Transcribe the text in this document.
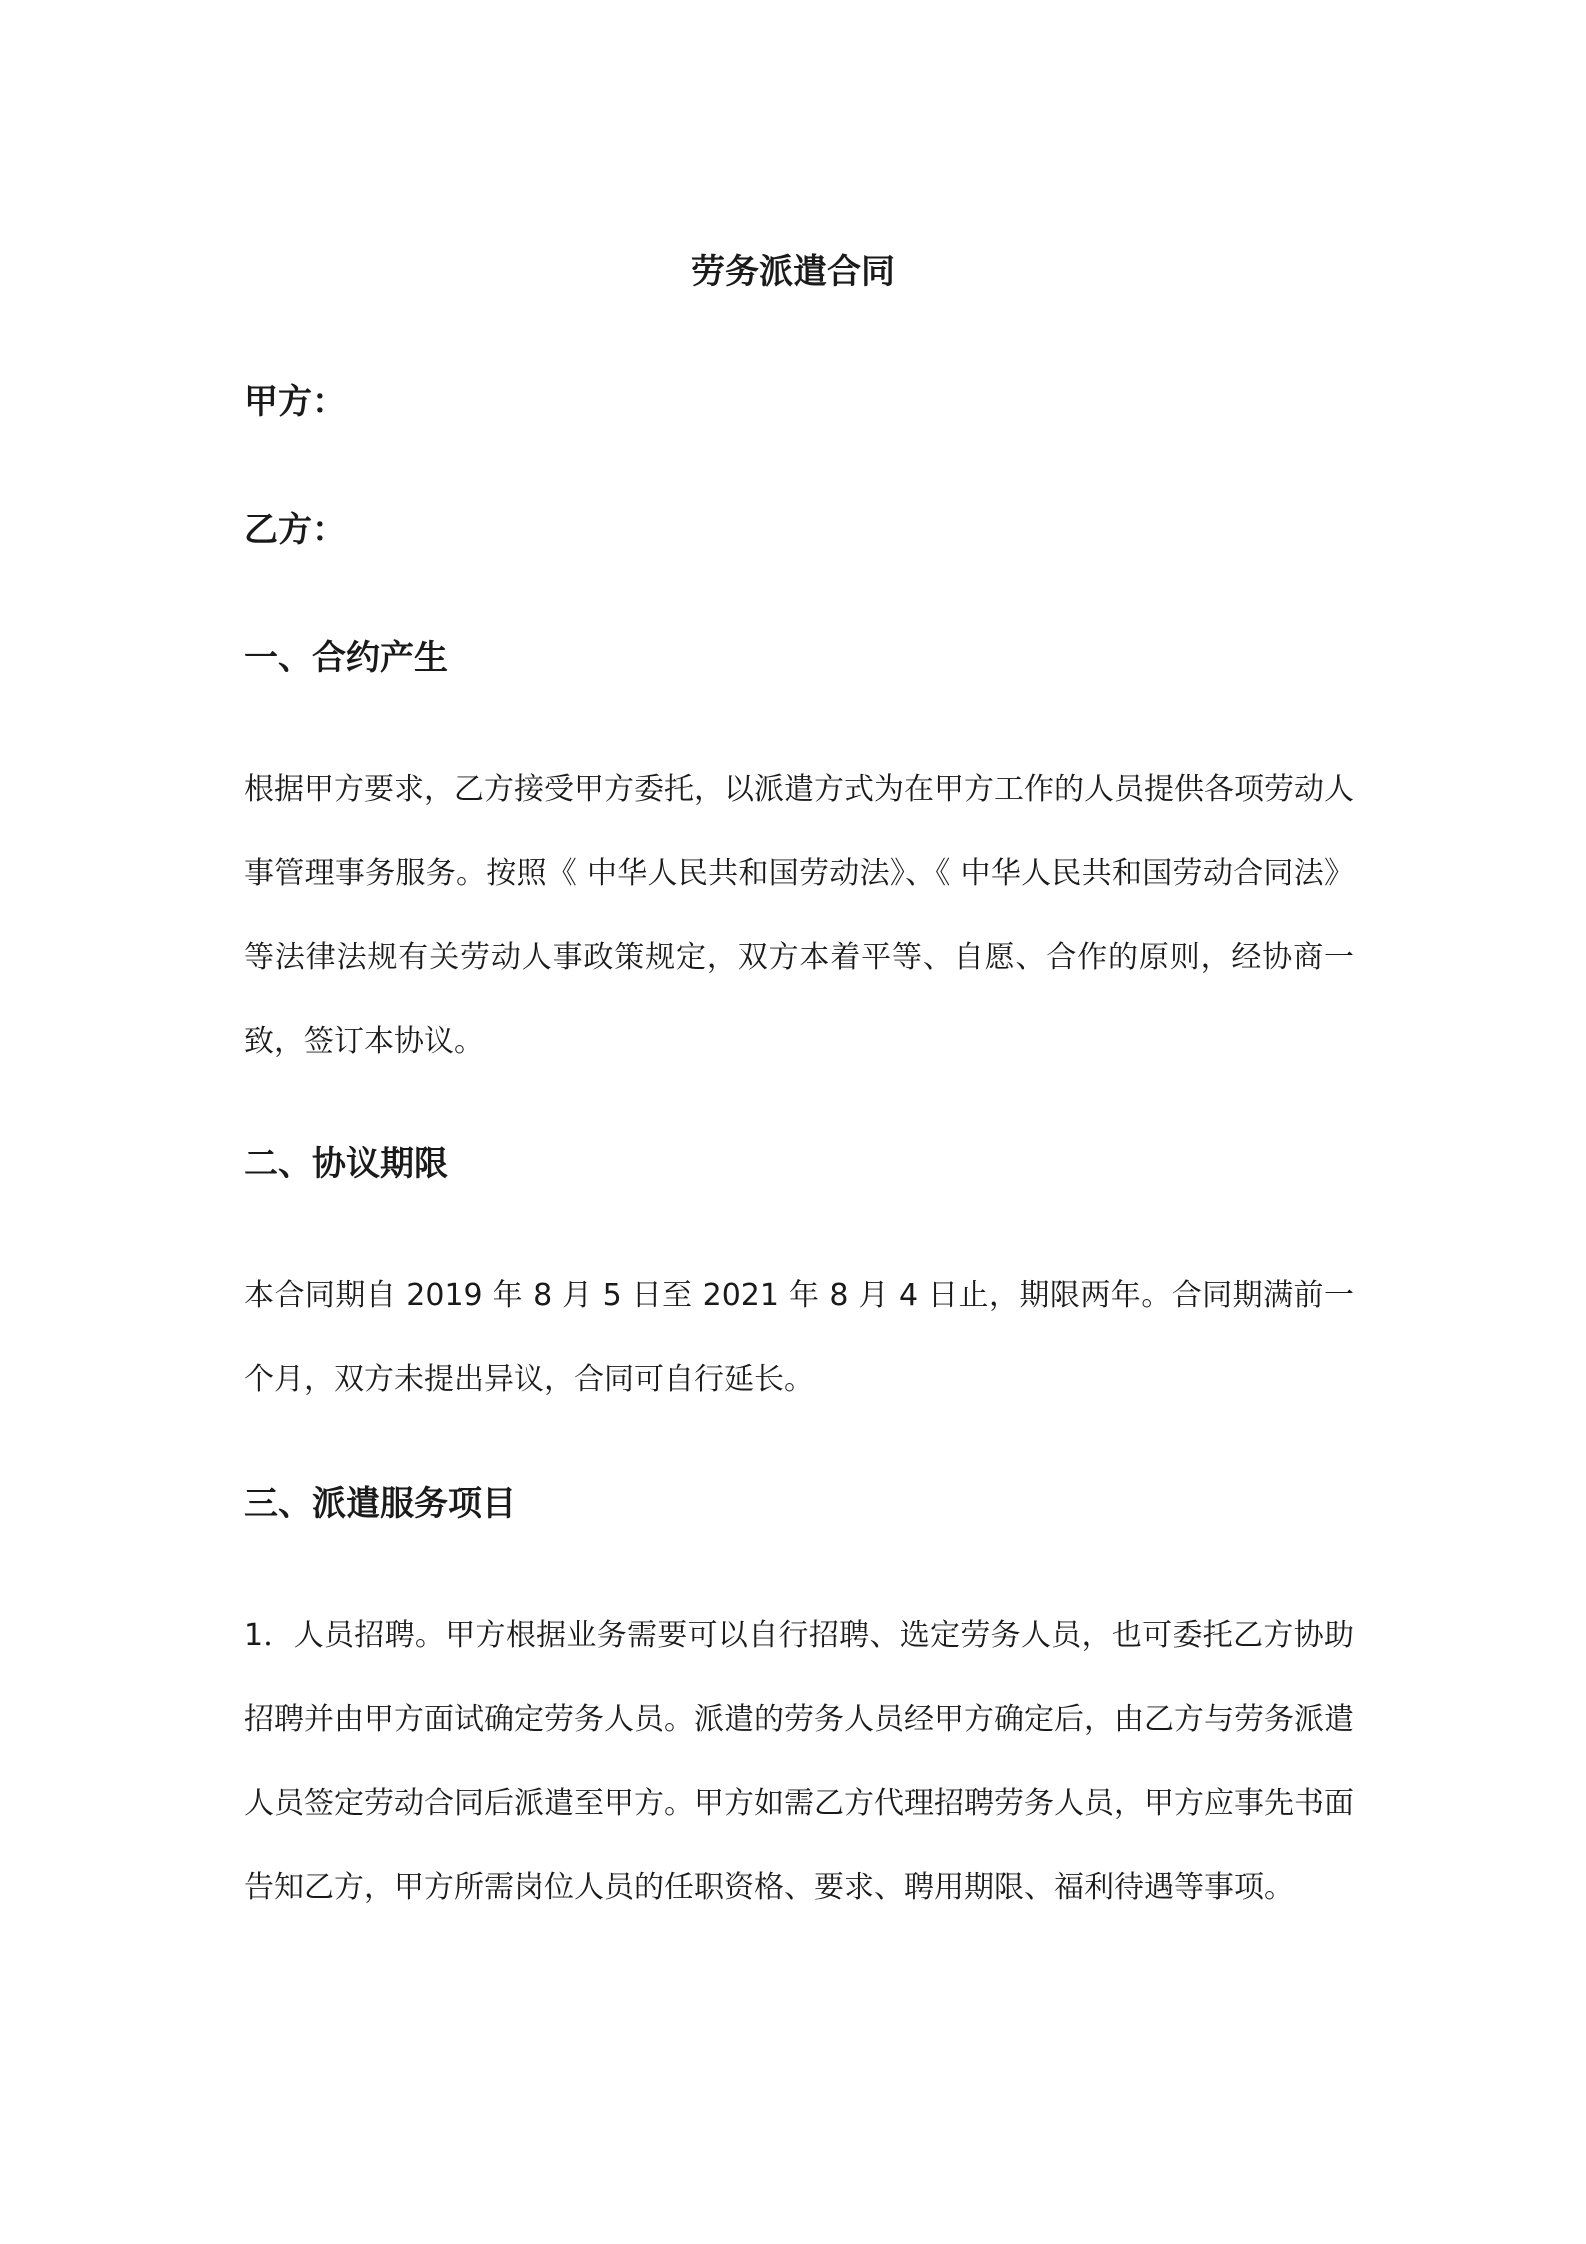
劳务派遣合同

甲方：

乙方：

一、合约产生

根据甲方要求，乙方接受甲方委托，以派遣方式为在甲方工作的人员提供各项劳动人事管理事务服务。按照《 中华人民共和国劳动法》、《 中华人民共和国劳动合同法》等法律法规有关劳动人事政策规定，双方本着平等、自愿、合作的原则，经协商一致，签订本协议。

二、协议期限

本合同期自 2019 年 8 月 5 日至 2021 年 8 月 4 日止，期限两年。合同期满前一个月，双方未提出异议，合同可自行延长。

三、派遣服务项目

1．人员招聘。甲方根据业务需要可以自行招聘、选定劳务人员，也可委托乙方协助招聘并由甲方面试确定劳务人员。派遣的劳务人员经甲方确定后，由乙方与劳务派遣人员签定劳动合同后派遣至甲方。甲方如需乙方代理招聘劳务人员，甲方应事先书面告知乙方，甲方所需岗位人员的任职资格、要求、聘用期限、福利待遇等事项。
